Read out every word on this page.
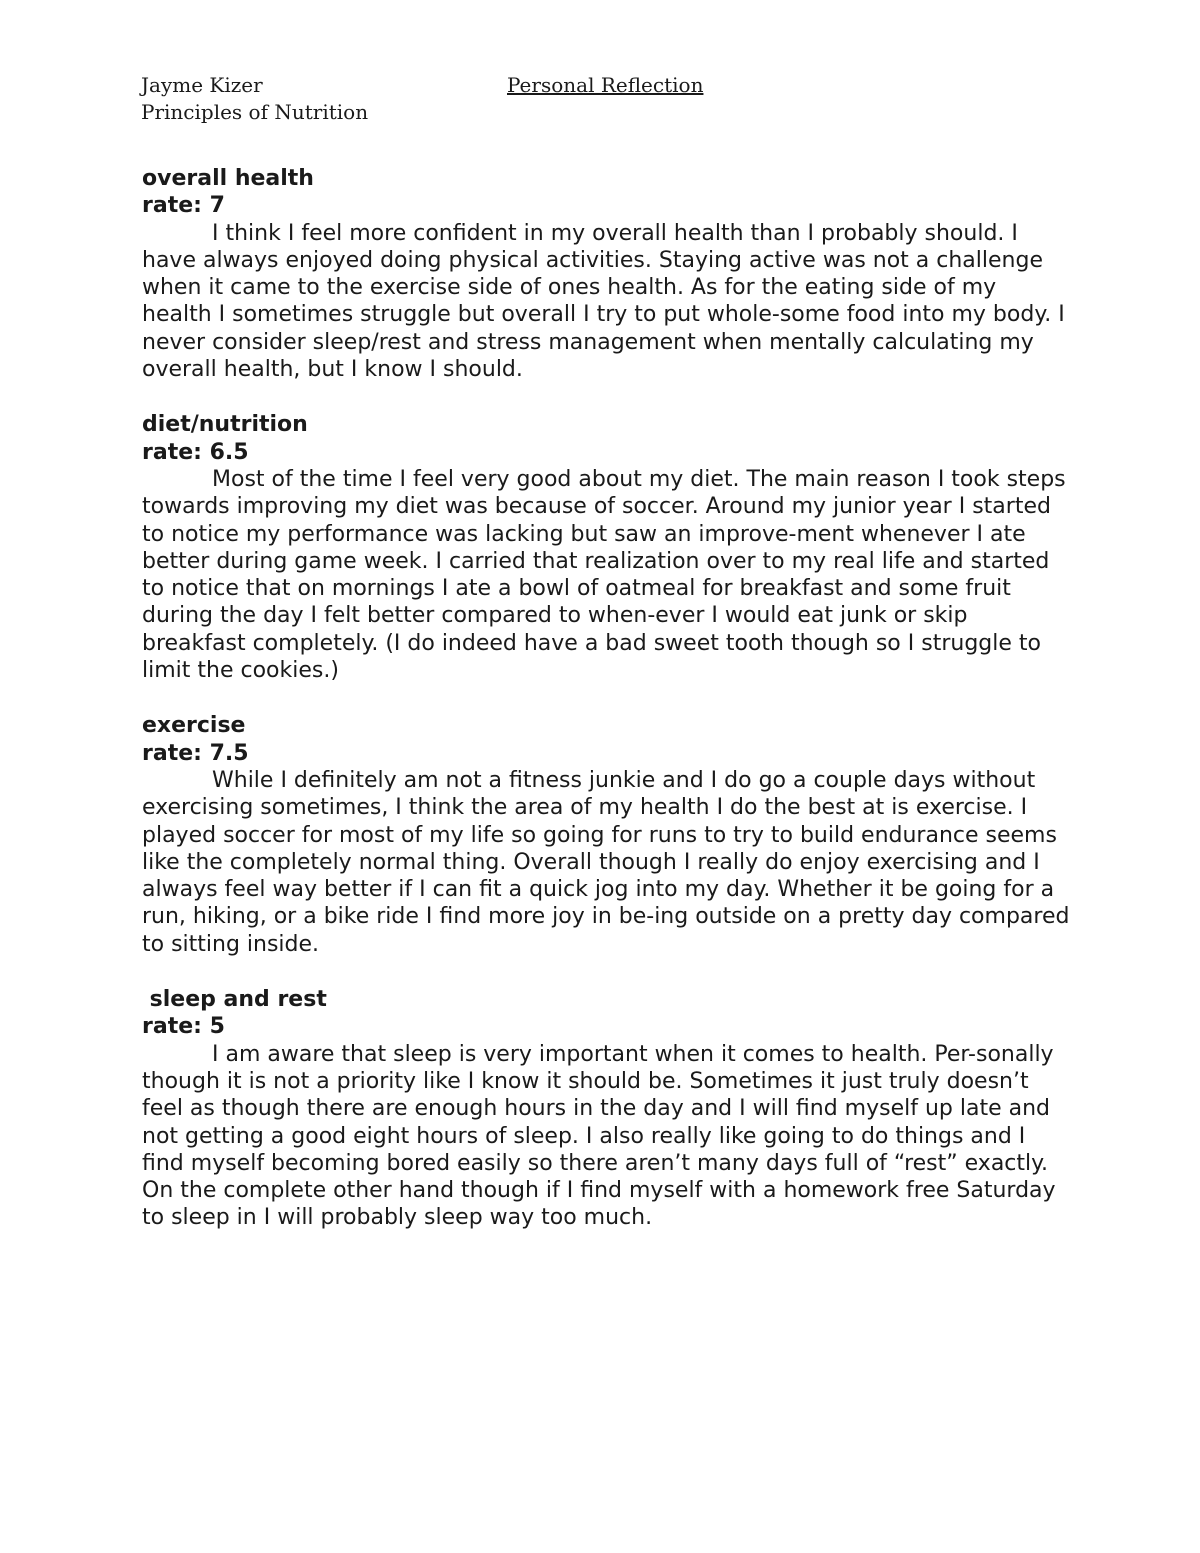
Jayme Kizer
Principles of Nutrition
Personal Reflection

overall health

rate: 7

I think I feel more confident in my overall health than I probably should. I have always enjoyed doing physical activities. Staying active was not a challenge when it came to the exercise side of ones health. As for the eating side of my health I sometimes struggle but overall I try to put whole-some food into my body. I never consider sleep/rest and stress management when mentally calculating my overall health, but I know I should.

diet/nutrition

rate: 6.5

Most of the time I feel very good about my diet. The main reason I took steps towards improving my diet was because of soccer. Around my junior year I started to notice my performance was lacking but saw an improve-ment whenever I ate better during game week. I carried that realization over to my real life and started to notice that on mornings I ate a bowl of oatmeal for breakfast and some fruit during the day I felt better compared to when-ever I would eat junk or skip breakfast completely. (I do indeed have a bad sweet tooth though so I struggle to limit the cookies.)

exercise

rate: 7.5

While I definitely am not a fitness junkie and I do go a couple days without exercising sometimes, I think the area of my health I do the best at is exercise. I played soccer for most of my life so going for runs to try to build endurance seems like the completely normal thing. Overall though I really do enjoy exercising and I always feel way better if I can fit a quick jog into my day. Whether it be going for a run, hiking, or a bike ride I find more joy in be-ing outside on a pretty day compared to sitting inside.

sleep and rest

rate: 5

I am aware that sleep is very important when it comes to health. Per-sonally though it is not a priority like I know it should be. Sometimes it just truly doesn’t feel as though there are enough hours in the day and I will find myself up late and not getting a good eight hours of sleep. I also really like going to do things and I find myself becoming bored easily so there aren’t many days full of “rest” exactly. On the complete other hand though if I find myself with a homework free Saturday to sleep in I will probably sleep way too much.
